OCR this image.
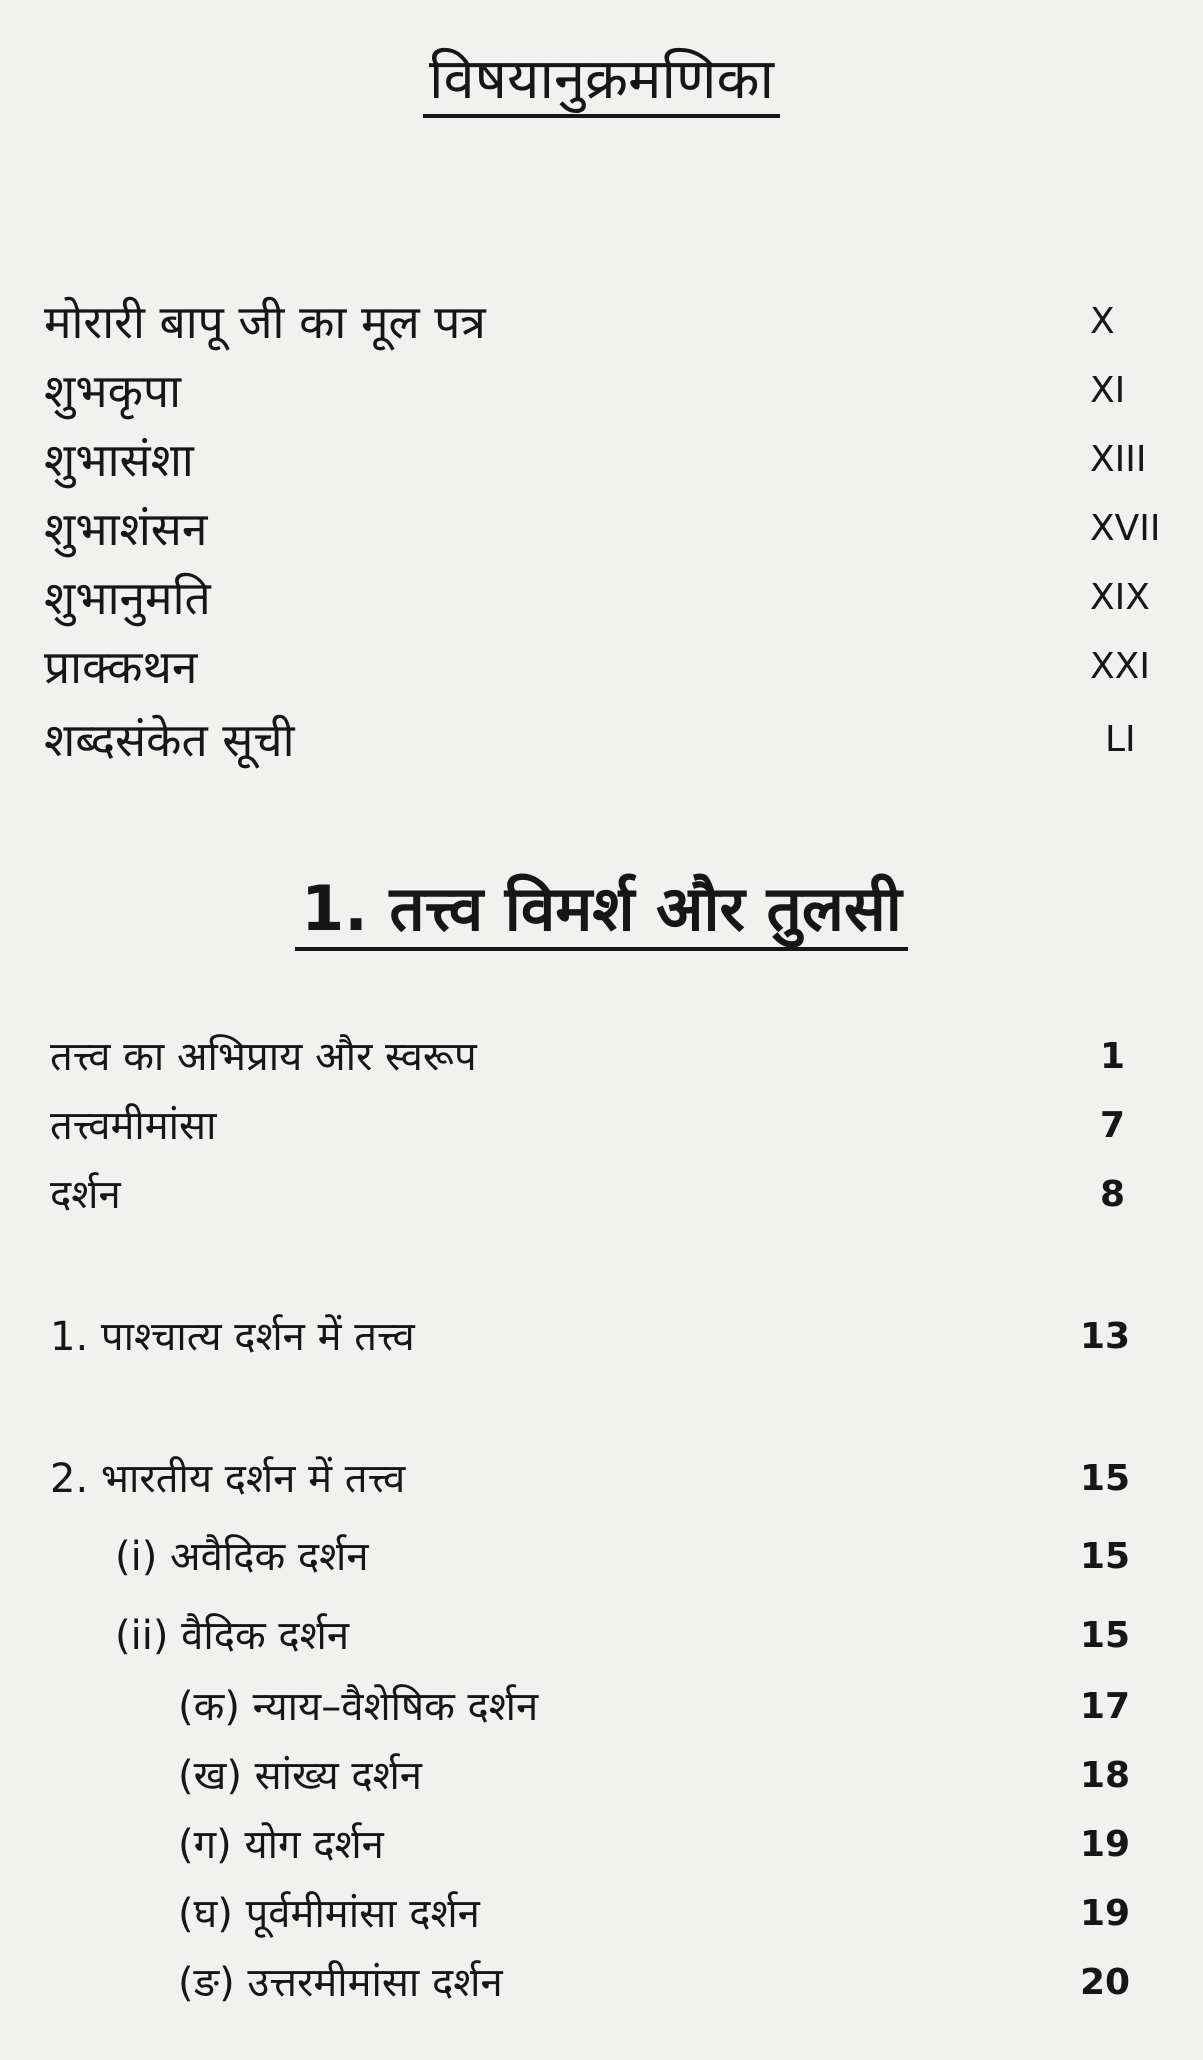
विषयानुक्रमणिका
मोरारी बापू जी का मूल पत्र	X
शुभकृपा	XI
शुभासंशा	XIII
शुभाशंसन	XVII
शुभानुमति	XIX
प्राक्कथन	XXI
शब्दसंकेत सूची	LI
1. तत्त्व विमर्श और तुलसी
तत्त्व का अभिप्राय और स्वरूप	1
तत्त्वमीमांसा	7
दर्शन	8
1. पाश्चात्य दर्शन में तत्त्व	13
2. भारतीय दर्शन में तत्त्व	15
(i) अवैदिक दर्शन	15
(ii) वैदिक दर्शन	15
(क) न्याय–वैशेषिक दर्शन	17
(ख) सांख्य दर्शन	18
(ग) योग दर्शन	19
(घ) पूर्वमीमांसा दर्शन	19
(ङ) उत्तरमीमांसा दर्शन	20
